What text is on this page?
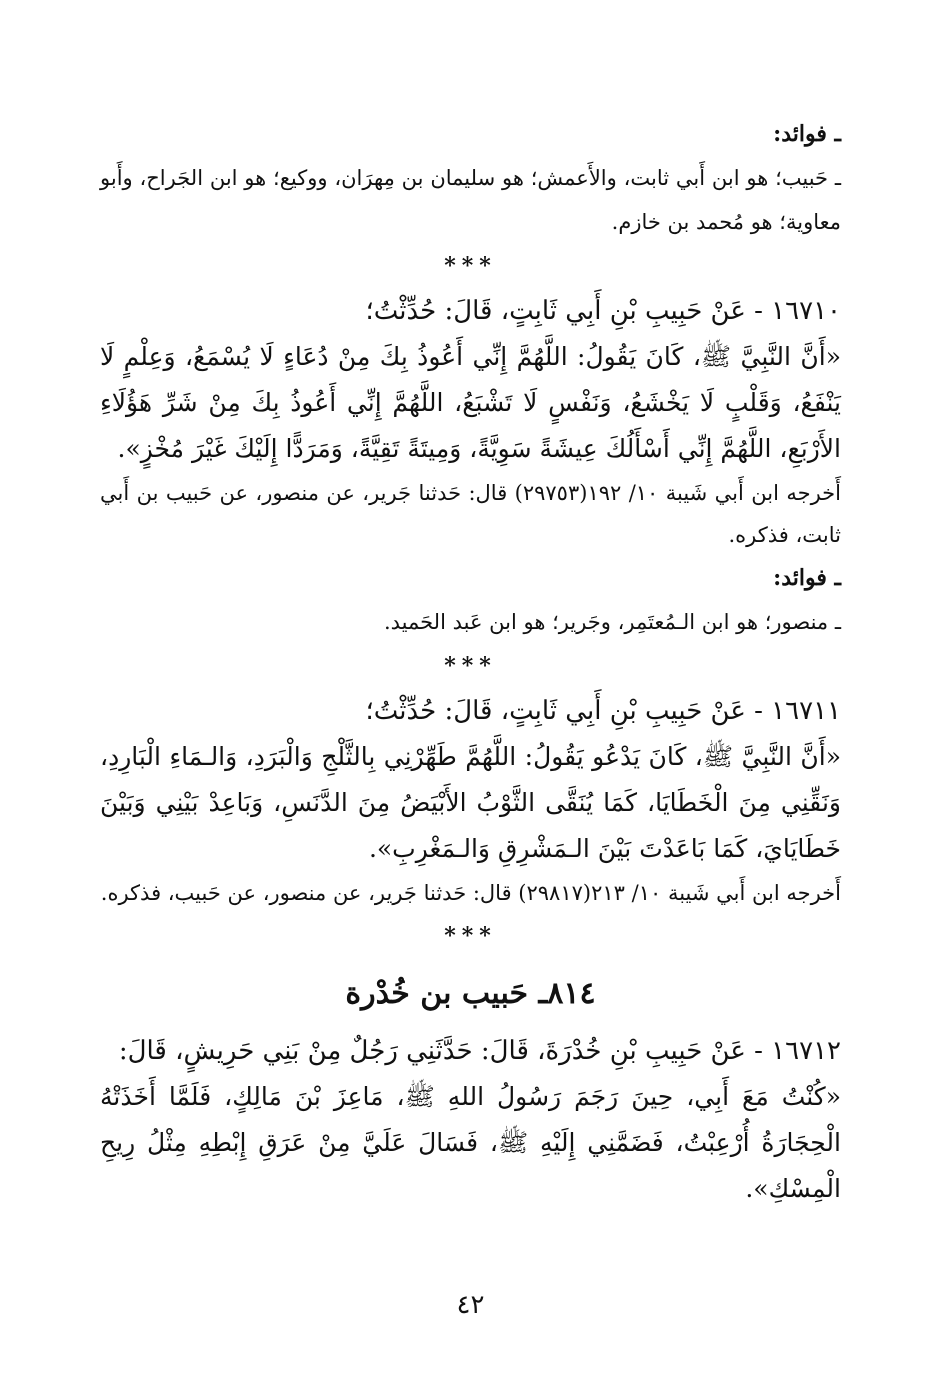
ـ فوائد:

ـ حَبيب؛ هو ابن أَبي ثابت، والأَعمش؛ هو سليمان بن مِهرَان، ووكيع؛ هو ابن الجَراح، وأَبو معاوية؛ هو مُحمد بن خازم.

***

١٦٧١٠ - عَنْ حَبِيبِ بْنِ أَبِي ثَابِتٍ، قَالَ: حُدِّثْتُ؛

«أَنَّ النَّبِيَّ ﷺ، كَانَ يَقُولُ: اللَّهُمَّ إِنِّي أَعُوذُ بِكَ مِنْ دُعَاءٍ لَا يُسْمَعُ، وَعِلْمٍ لَا يَنْفَعُ، وَقَلْبٍ لَا يَخْشَعُ، وَنَفْسٍ لَا تَشْبَعُ، اللَّهُمَّ إِنِّي أَعُوذُ بِكَ مِنْ شَرِّ هَؤُلَاءِ الأَرْبَعِ، اللَّهُمَّ إِنِّي أَسْأَلُكَ عِيشَةً سَوِيَّةً، وَمِيتَةً تَقِيَّةً، وَمَرَدًّا إِلَيْكَ غَيْرَ مُخْزٍ».

أَخرجه ابن أَبي شَيبة ١٠/ ١٩٢(٢٩٧٥٣) قال: حَدثنا جَرير، عن منصور، عن حَبيب بن أَبي ثابت، فذكره.

ـ فوائد:

ـ منصور؛ هو ابن الـمُعتَمِر، وجَرير؛ هو ابن عَبد الحَميد.

***

١٦٧١١ - عَنْ حَبِيبِ بْنِ أَبِي ثَابِتٍ، قَالَ: حُدِّثْتُ؛

«أَنَّ النَّبِيَّ ﷺ، كَانَ يَدْعُو يَقُولُ: اللَّهُمَّ طَهِّرْنِي بِالثَّلْجِ وَالْبَرَدِ، وَالـمَاءِ الْبَارِدِ، وَنَقِّنِي مِنَ الْخَطَايَا، كَمَا يُنَقَّى الثَّوْبُ الأَبْيَضُ مِنَ الدَّنَسِ، وَبَاعِدْ بَيْنِي وَبَيْنَ خَطَايَايَ، كَمَا بَاعَدْتَ بَيْنَ الـمَشْرِقِ وَالـمَغْرِبِ».

أَخرجه ابن أَبي شَيبة ١٠/ ٢١٣(٢٩٨١٧) قال: حَدثنا جَرير، عن منصور، عن حَبيب، فذكره.

***
٨١٤ـ حَبيب بن خُدْرة

١٦٧١٢ - عَنْ حَبِيبِ بْنِ خُدْرَةَ، قَالَ: حَدَّثَنِي رَجُلٌ مِنْ بَنِي حَرِيشٍ، قَالَ:

«كُنْتُ مَعَ أَبِي، حِينَ رَجَمَ رَسُولُ اللهِ ﷺ، مَاعِزَ بْنَ مَالِكٍ، فَلَمَّا أَخَذَتْهُ الْحِجَارَةُ أُرْعِبْتُ، فَضَمَّنِي إِلَيْهِ ﷺ، فَسَالَ عَلَيَّ مِنْ عَرَقِ إِبْطِهِ مِثْلُ رِيحِ الْمِسْكِ».

٤٢
